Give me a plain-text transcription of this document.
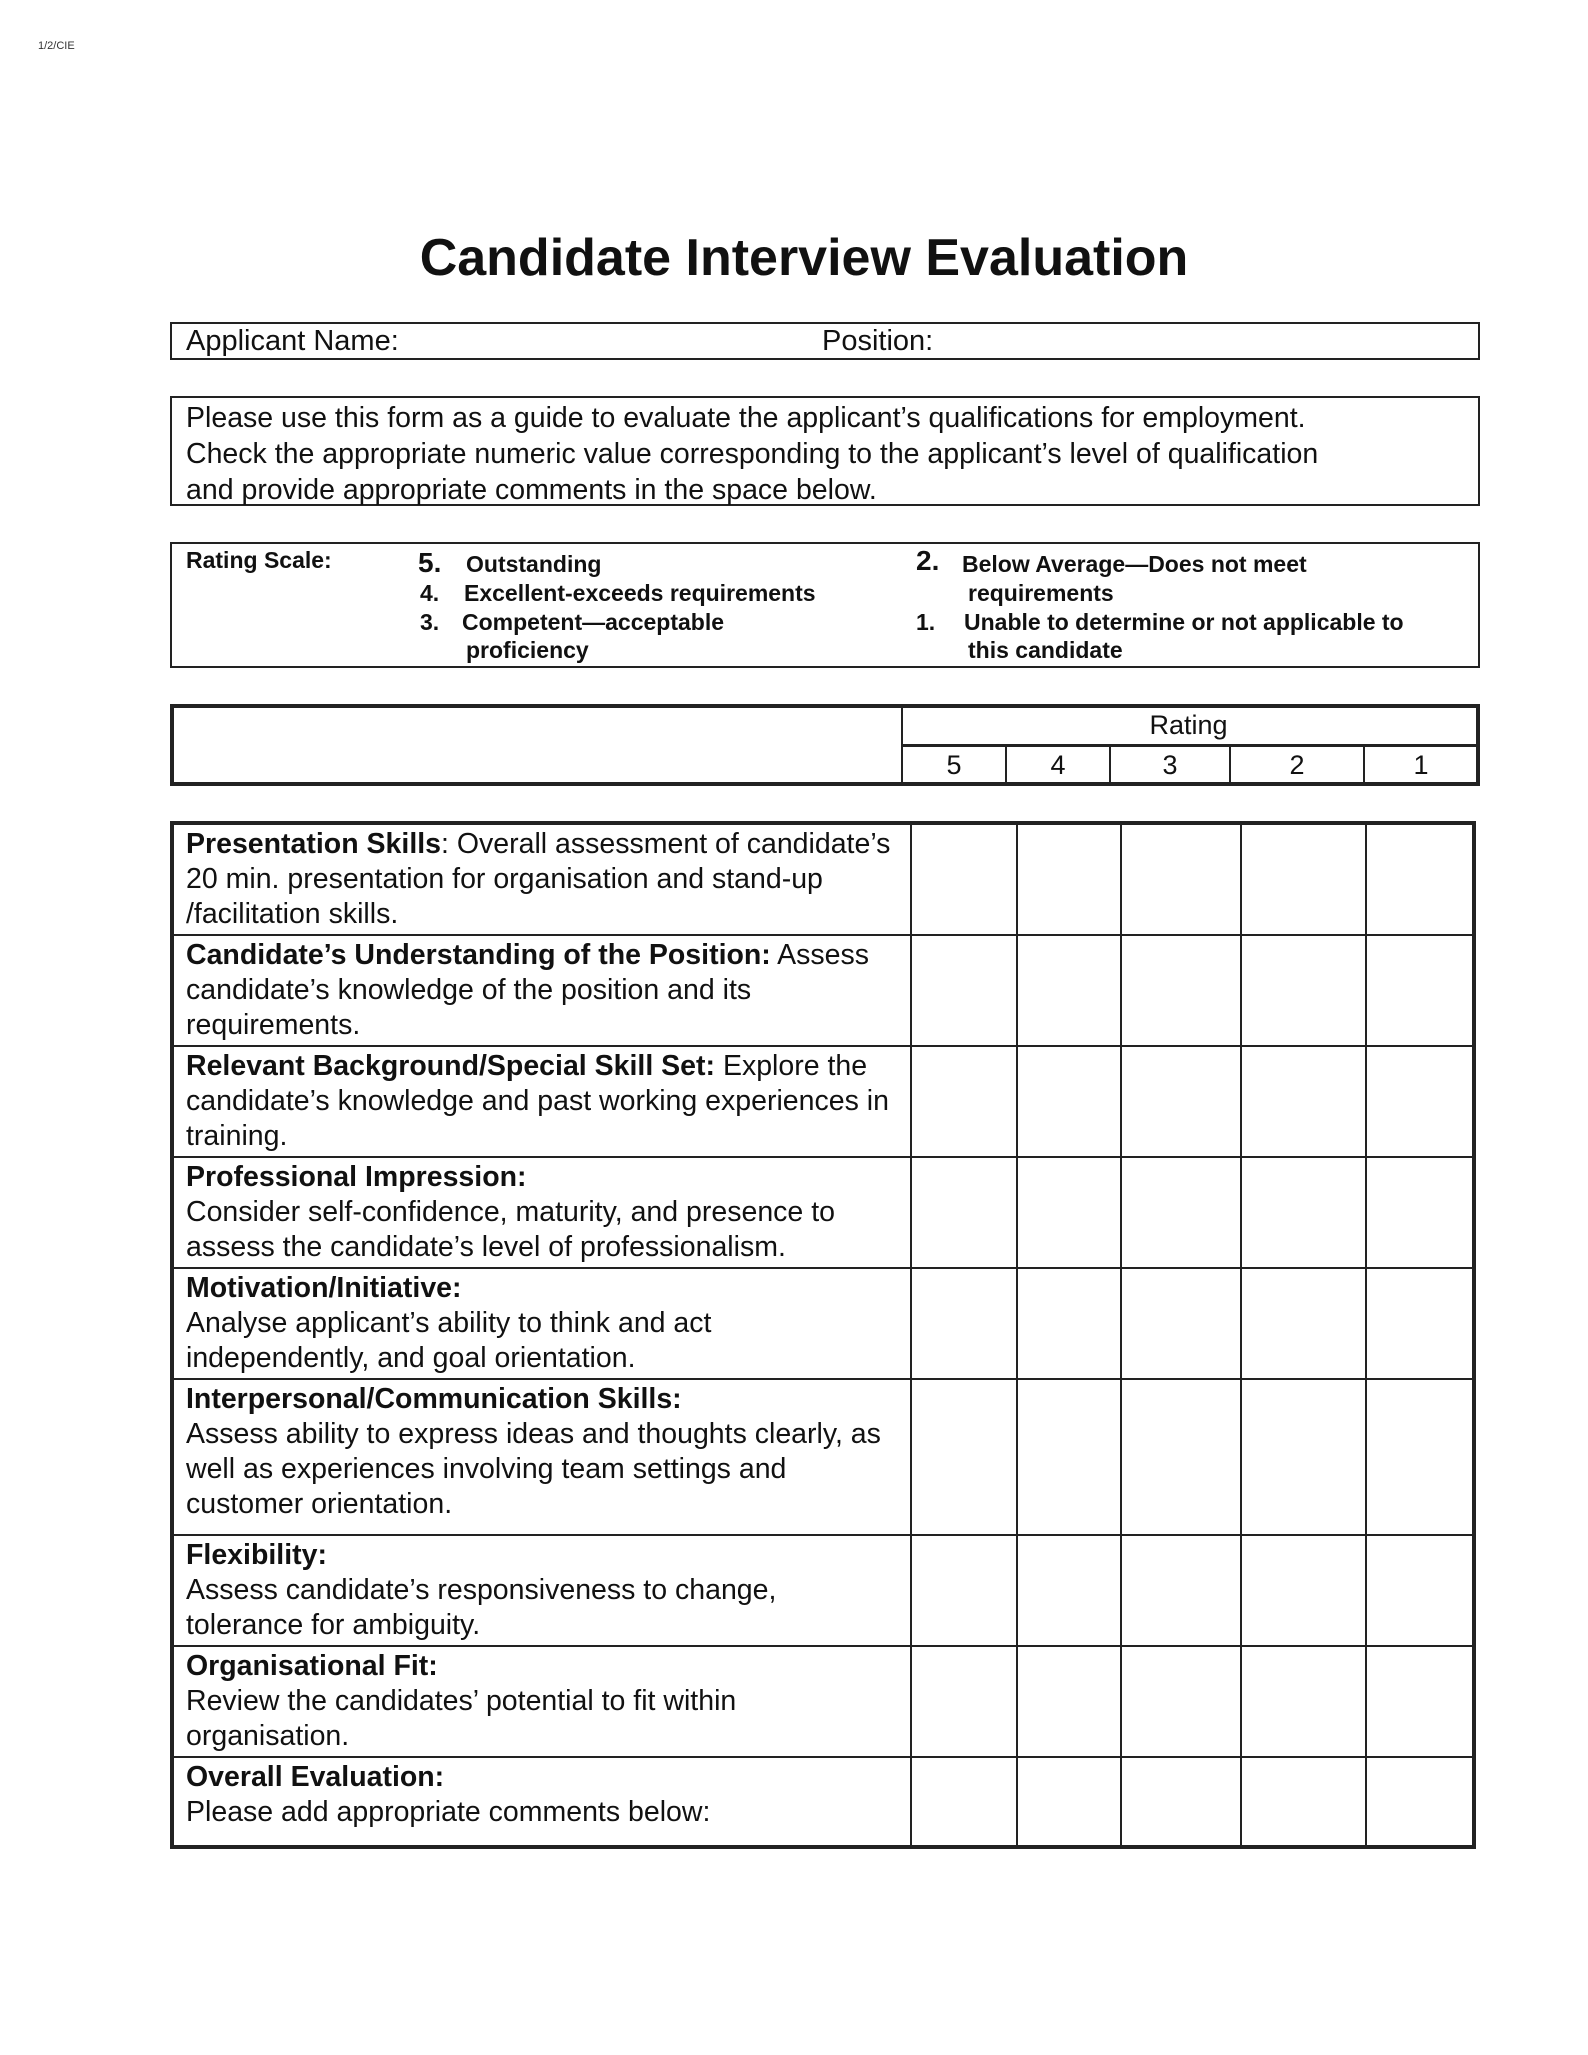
1/2/CIE
Candidate Interview Evaluation
Applicant Name:	Position:
Please use this form as a guide to evaluate the applicant’s qualifications for employment.
Check the appropriate numeric value corresponding to the applicant’s level of qualification
and provide appropriate comments in the space below.
Rating Scale:	5. Outstanding
4. Excellent-exceeds requirements
3. Competent—acceptable
proficiency
2. Below Average—Does not meet
requirements
1. Unable to determine or not applicable to
this candidate
Rating
5	4	3	2	1
Presentation Skills: Overall assessment of candidate’s 20 min. presentation for organisation and stand-up /facilitation skills.					
Candidate’s Understanding of the Position: Assess candidate’s knowledge of the position and its requirements.					
Relevant Background/Special Skill Set: Explore the candidate’s knowledge and past working experiences in training.					
Professional Impression:
Consider self-confidence, maturity, and presence to assess the candidate’s level of professionalism.					
Motivation/Initiative:
Analyse applicant’s ability to think and act independently, and goal orientation.					
Interpersonal/Communication Skills:
Assess ability to express ideas and thoughts clearly, as well as experiences involving team settings and customer orientation.					
Flexibility:
Assess candidate’s responsiveness to change, tolerance for ambiguity.					
Organisational Fit:
Review the candidates’ potential to fit within organisation.					
Overall Evaluation:
Please add appropriate comments below:					
